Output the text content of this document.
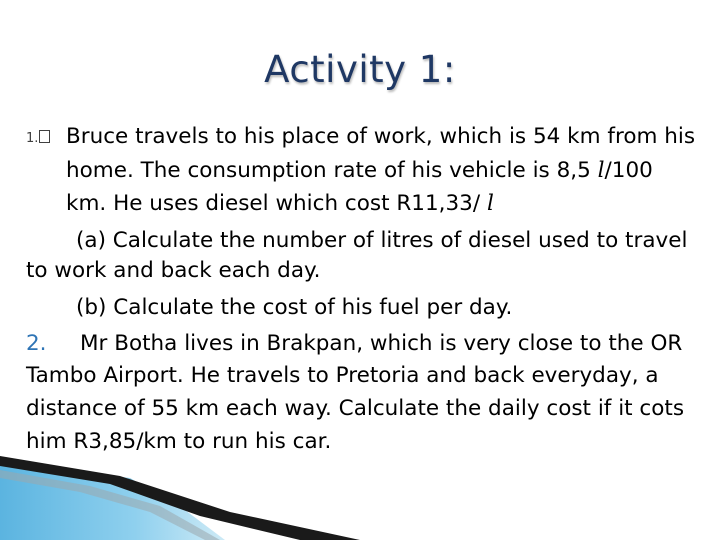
Activity 1:
1.	Bruce travels to his place of work, which is 54 km from his
home. The consumption rate of his vehicle is 8,5 l/100
km. He uses diesel which cost R11,33/ l
(a) Calculate the number of litres of diesel used to travel
to work and back each day.
(b) Calculate the cost of his fuel per day.
Mr Botha lives in Brakpan, which is very close to the OR
Tambo Airport. He travels to Pretoria and back everyday, a
distance of 55 km each way. Calculate the daily cost if it cots
him R3,85/km to run his car.
2.
